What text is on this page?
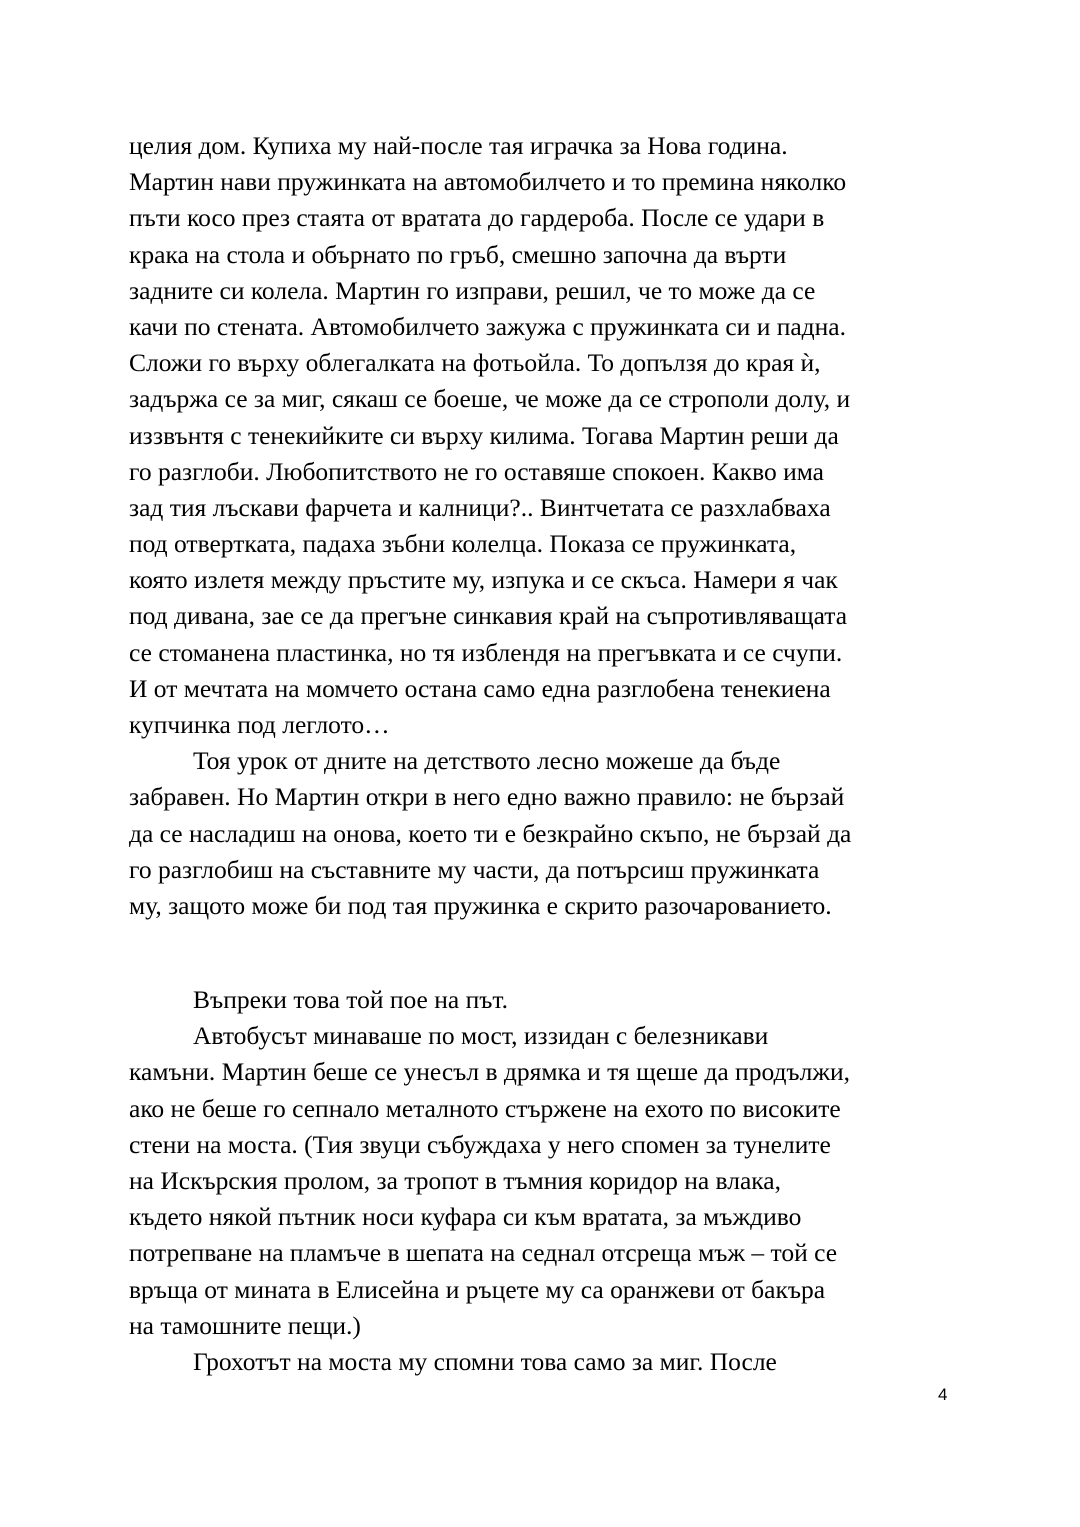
целия дом. Купиха му най-после тая играчка за Нова година.
Мартин нави пружинката на автомобилчето и то премина няколко
пъти косо през стаята от вратата до гардероба. После се удари в
крака на стола и обърнато по гръб, смешно започна да върти
задните си колела. Мартин го изправи, решил, че то може да се
качи по стената. Автомобилчето зажужа с пружинката си и падна.
Сложи го върху облегалката на фотьойла. То допълзя до края ѝ,
задържа се за миг, сякаш се боеше, че може да се строполи долу, и
иззвънтя с тенекийките си върху килима. Тогава Мартин реши да
го разглоби. Любопитството не го оставяше спокоен. Какво има
зад тия лъскави фарчета и калници?.. Винтчетата се разхлабваха
под отвертката, падаха зъбни колелца. Показа се пружинката,
която излетя между пръстите му, изпука и се скъса. Намери я чак
под дивана, зае се да прегъне синкавия край на съпротивляващата
се стоманена пластинка, но тя изблендя на прегъвката и се счупи.
И от мечтата на момчето остана само една разглобена тенекиена
купчинка под леглото…
Тоя урок от дните на детството лесно можеше да бъде
забравен. Но Мартин откри в него едно важно правило: не бързай
да се насладиш на онова, което ти е безкрайно скъпо, не бързай да
го разглобиш на съставните му части, да потърсиш пружинката
му, защото може би под тая пружинка е скрито разочарованието.
Въпреки това той пое на път.
Автобусът минаваше по мост, иззидан с белезникави
камъни. Мартин беше се унесъл в дрямка и тя щеше да продължи,
ако не беше го сепнало металното стържене на ехото по високите
стени на моста. (Тия звуци събуждаха у него спомен за тунелите
на Искърския пролом, за тропот в тъмния коридор на влака,
където някой пътник носи куфара си към вратата, за мъждиво
потрепване на пламъче в шепата на седнал отсреща мъж – той се
връща от мината в Елисейна и ръцете му са оранжеви от бакъра
на тамошните пещи.)
Грохотът на моста му спомни това само за миг. После
4
